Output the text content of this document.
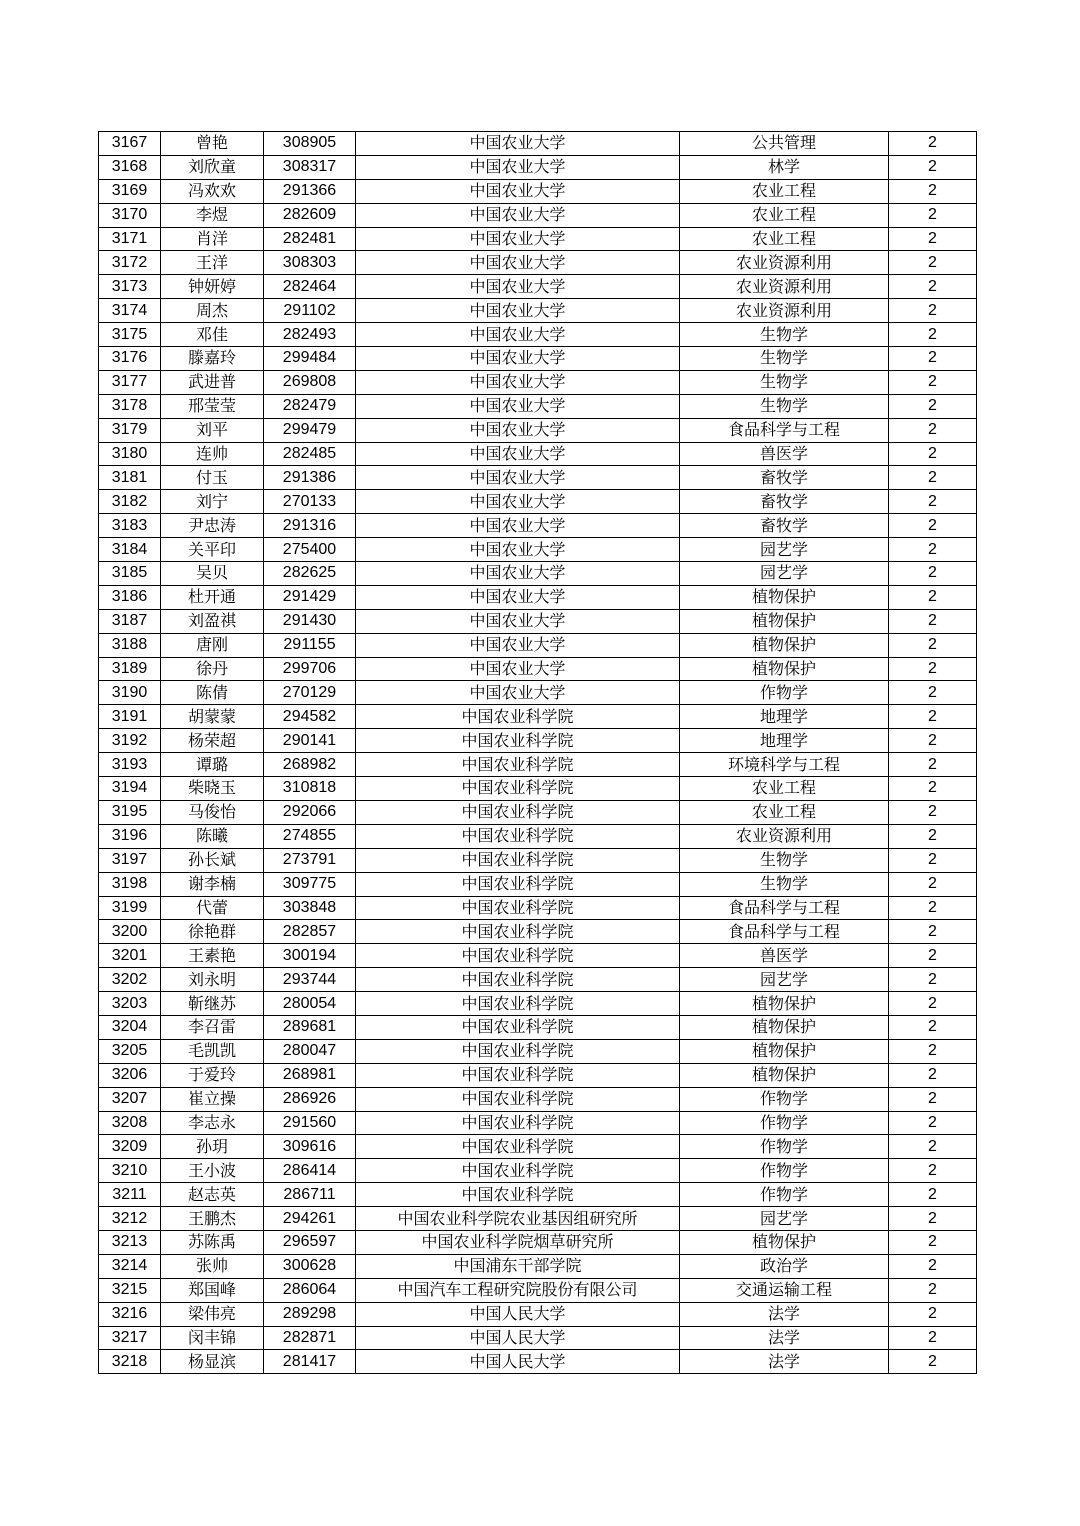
3167	曾艳	308905	中国农业大学	公共管理	2
3168	刘欣童	308317	中国农业大学	林学	2
3169	冯欢欢	291366	中国农业大学	农业工程	2
3170	李煜	282609	中国农业大学	农业工程	2
3171	肖洋	282481	中国农业大学	农业工程	2
3172	王洋	308303	中国农业大学	农业资源利用	2
3173	钟妍婷	282464	中国农业大学	农业资源利用	2
3174	周杰	291102	中国农业大学	农业资源利用	2
3175	邓佳	282493	中国农业大学	生物学	2
3176	滕嘉玲	299484	中国农业大学	生物学	2
3177	武进普	269808	中国农业大学	生物学	2
3178	邢莹莹	282479	中国农业大学	生物学	2
3179	刘平	299479	中国农业大学	食品科学与工程	2
3180	连帅	282485	中国农业大学	兽医学	2
3181	付玉	291386	中国农业大学	畜牧学	2
3182	刘宁	270133	中国农业大学	畜牧学	2
3183	尹忠涛	291316	中国农业大学	畜牧学	2
3184	关平印	275400	中国农业大学	园艺学	2
3185	吴贝	282625	中国农业大学	园艺学	2
3186	杜开通	291429	中国农业大学	植物保护	2
3187	刘盈祺	291430	中国农业大学	植物保护	2
3188	唐刚	291155	中国农业大学	植物保护	2
3189	徐丹	299706	中国农业大学	植物保护	2
3190	陈倩	270129	中国农业大学	作物学	2
3191	胡蒙蒙	294582	中国农业科学院	地理学	2
3192	杨荣超	290141	中国农业科学院	地理学	2
3193	谭璐	268982	中国农业科学院	环境科学与工程	2
3194	柴晓玉	310818	中国农业科学院	农业工程	2
3195	马俊怡	292066	中国农业科学院	农业工程	2
3196	陈曦	274855	中国农业科学院	农业资源利用	2
3197	孙长斌	273791	中国农业科学院	生物学	2
3198	谢李楠	309775	中国农业科学院	生物学	2
3199	代蕾	303848	中国农业科学院	食品科学与工程	2
3200	徐艳群	282857	中国农业科学院	食品科学与工程	2
3201	王素艳	300194	中国农业科学院	兽医学	2
3202	刘永明	293744	中国农业科学院	园艺学	2
3203	靳继苏	280054	中国农业科学院	植物保护	2
3204	李召雷	289681	中国农业科学院	植物保护	2
3205	毛凯凯	280047	中国农业科学院	植物保护	2
3206	于爱玲	268981	中国农业科学院	植物保护	2
3207	崔立操	286926	中国农业科学院	作物学	2
3208	李志永	291560	中国农业科学院	作物学	2
3209	孙玥	309616	中国农业科学院	作物学	2
3210	王小波	286414	中国农业科学院	作物学	2
3211	赵志英	286711	中国农业科学院	作物学	2
3212	王鹏杰	294261	中国农业科学院农业基因组研究所	园艺学	2
3213	苏陈禹	296597	中国农业科学院烟草研究所	植物保护	2
3214	张帅	300628	中国浦东干部学院	政治学	2
3215	郑国峰	286064	中国汽车工程研究院股份有限公司	交通运输工程	2
3216	梁伟亮	289298	中国人民大学	法学	2
3217	闵丰锦	282871	中国人民大学	法学	2
3218	杨显滨	281417	中国人民大学	法学	2
